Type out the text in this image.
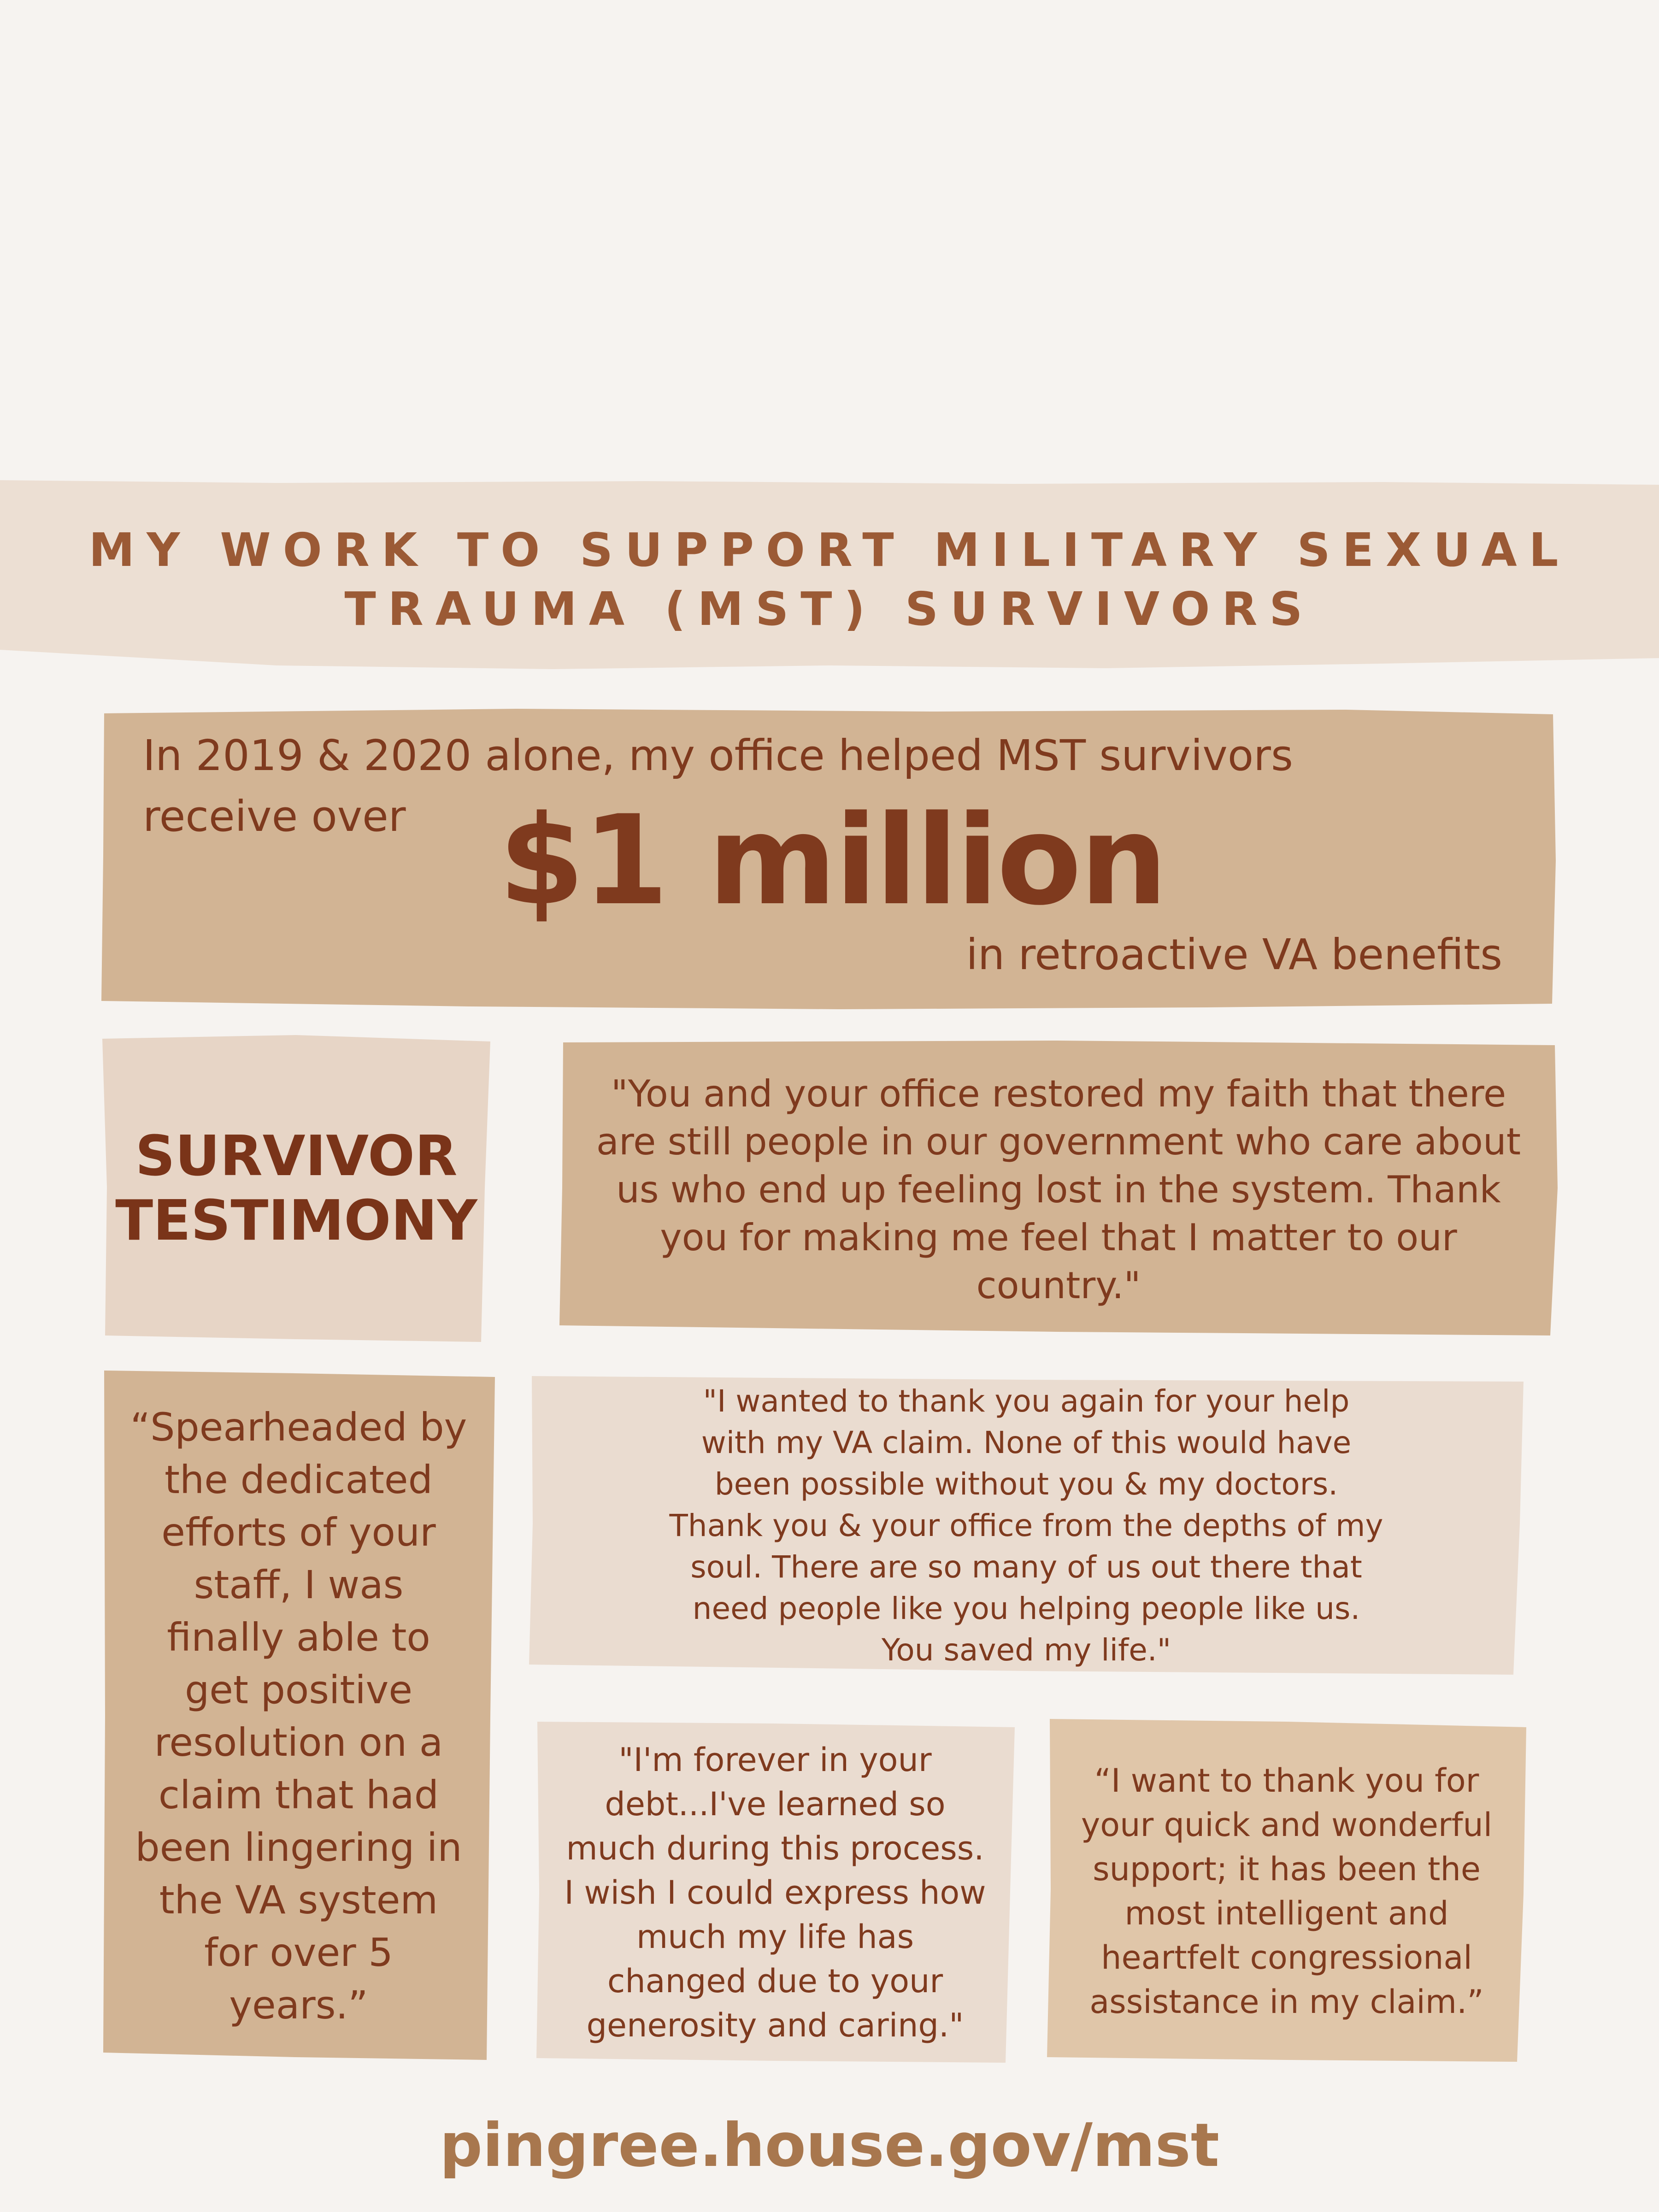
MY WORK TO SUPPORT MILITARY SEXUAL
TRAUMA (MST) SURVIVORS
In 2019 & 2020 alone, my office helped MST survivors
receive over $1 million
in retroactive VA benefits
SURVIVOR
TESTIMONY
"You and your office restored my faith that there are still people in our government who care about us who end up feeling lost in the system. Thank you for making me feel that I matter to our country."
“Spearheaded by the dedicated efforts of your staff, I was finally able to get positive resolution on a claim that had been lingering in the VA system for over 5 years.”
"I wanted to thank you again for your help with my VA claim. None of this would have been possible without you & my doctors. Thank you & your office from the depths of my soul. There are so many of us out there that need people like you helping people like us. You saved my life."
"I'm forever in your debt...I've learned so much during this process. I wish I could express how much my life has changed due to your generosity and caring."
“I want to thank you for your quick and wonderful support; it has been the most intelligent and heartfelt congressional assistance in my claim.”
pingree.house.gov/mst
